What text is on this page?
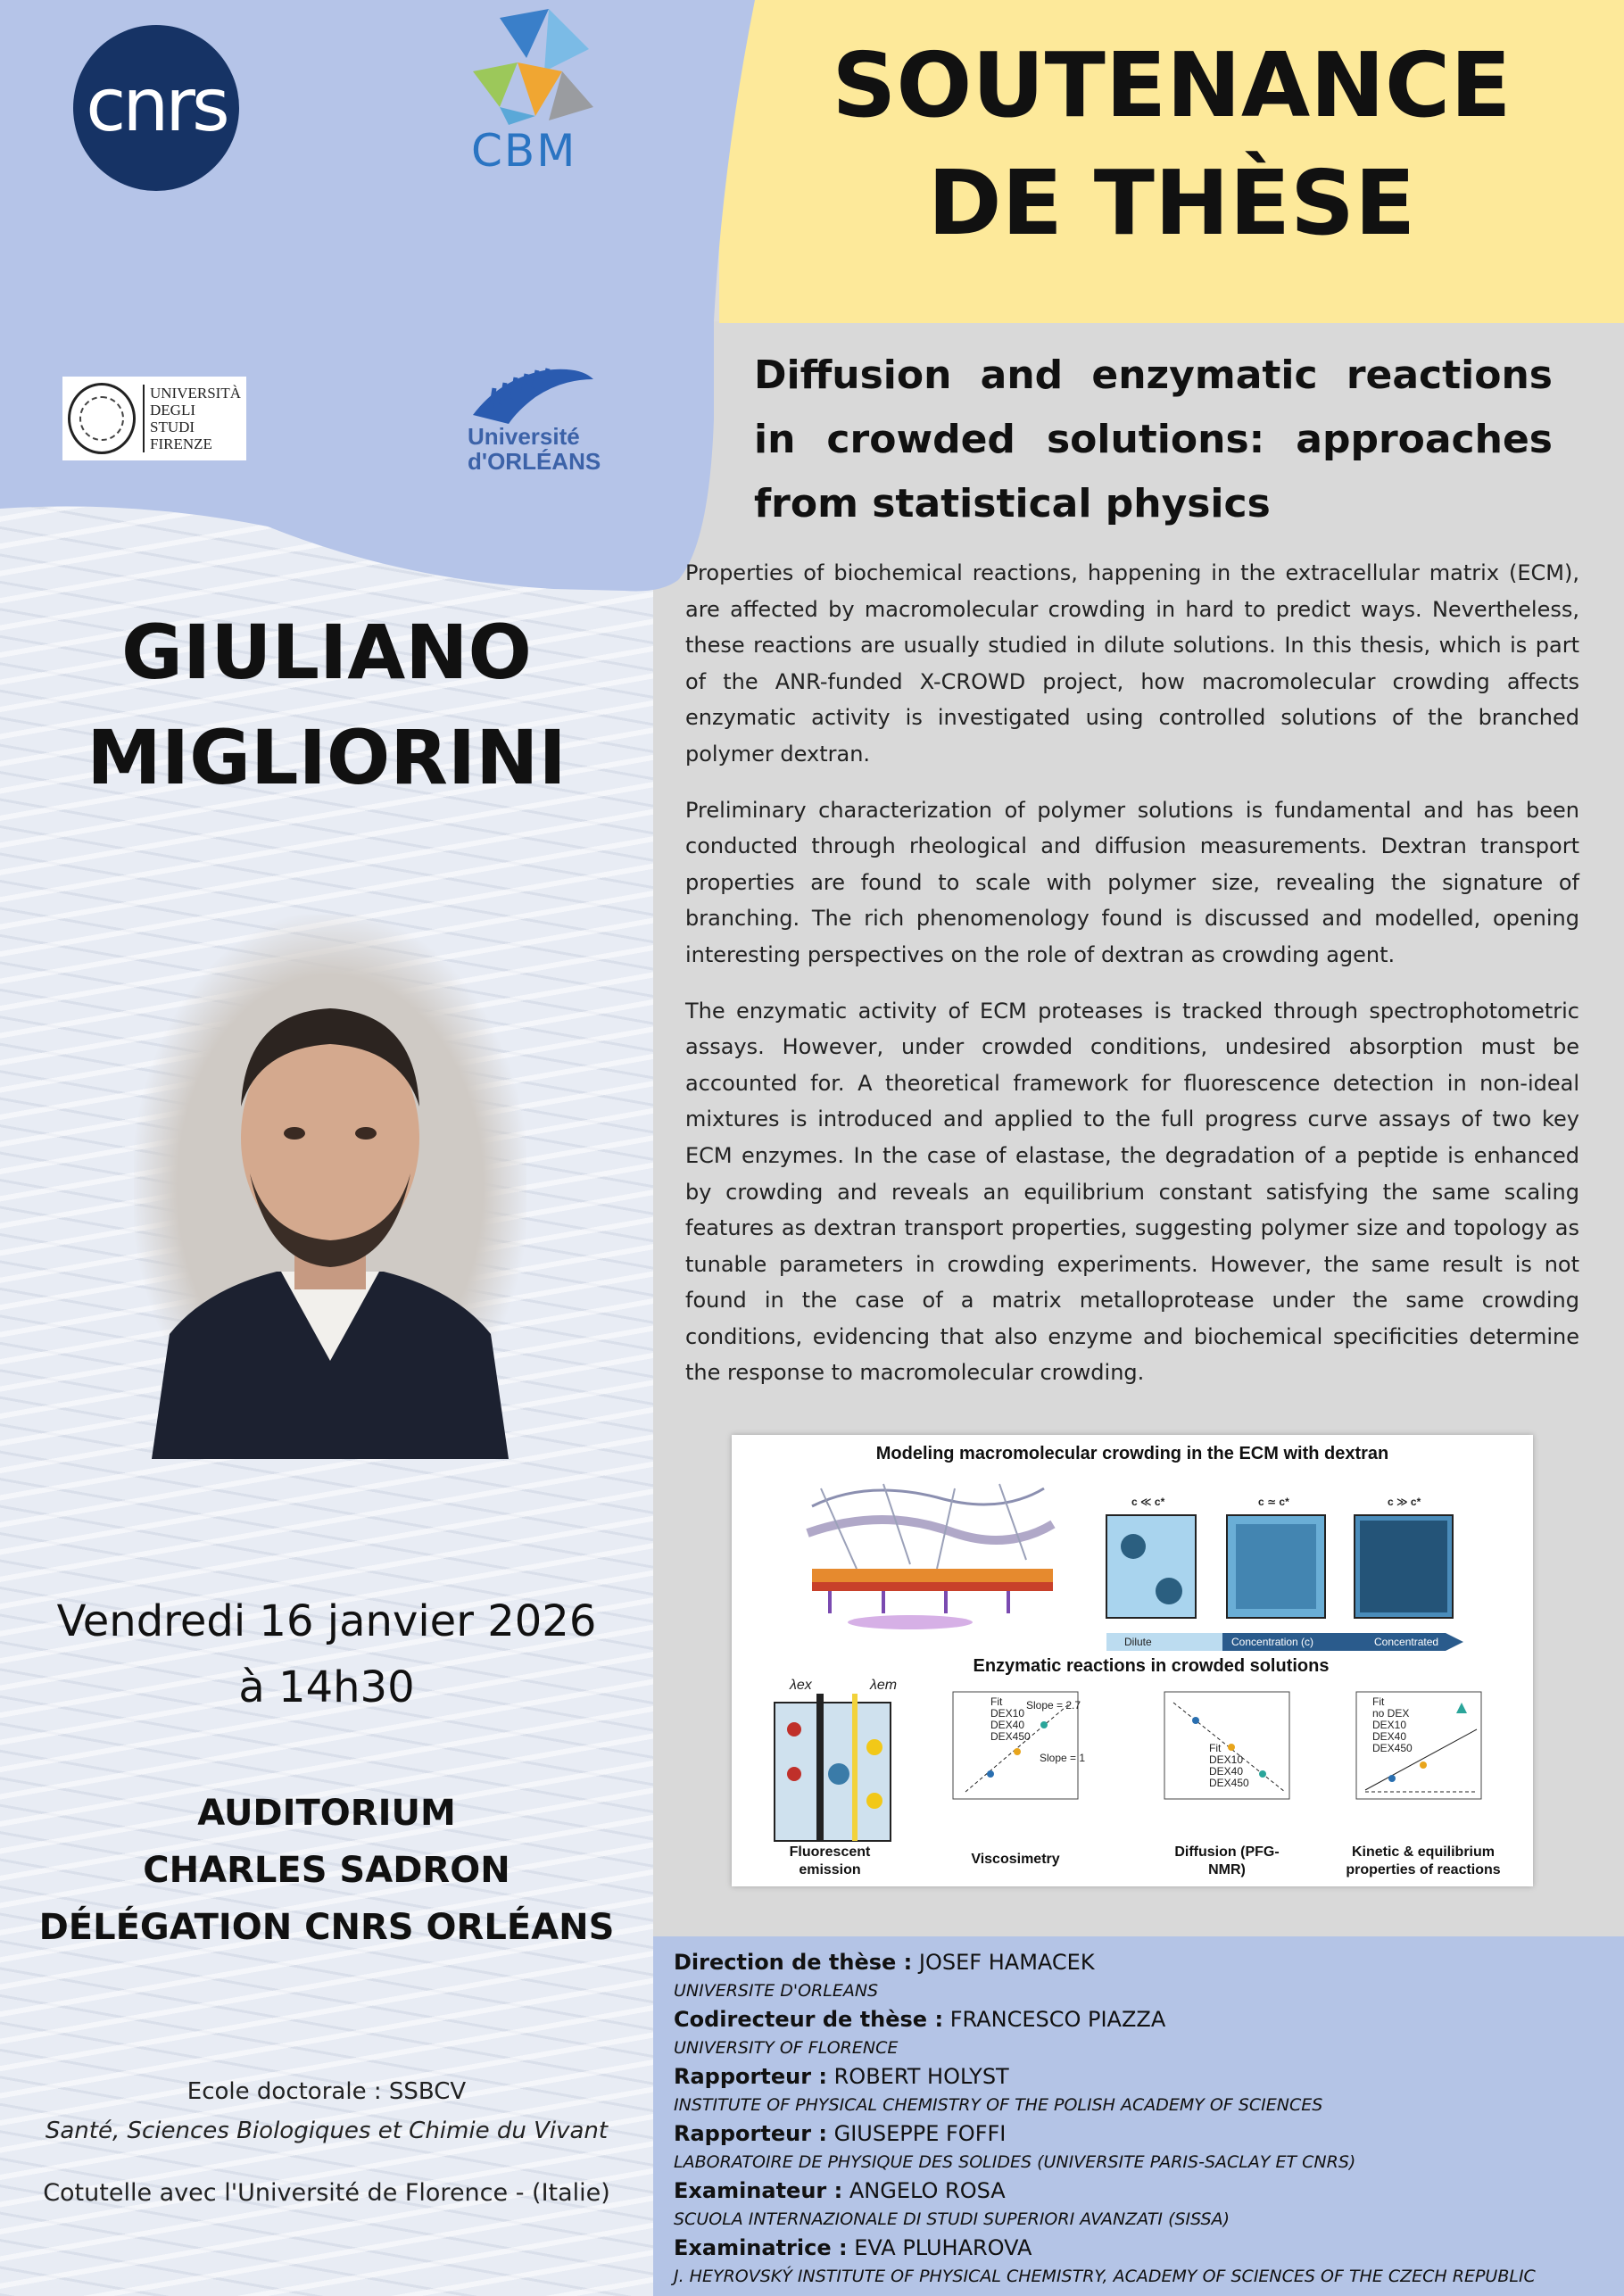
cnrs
CBM
UNIVERSITÀ
DEGLI STUDI
FIRENZE	Université
d'ORLÉANS
SOUTENANCE
DE THÈSE
Diffusion and enzymatic reactions in crowded solutions: approaches from statistical physics

Properties of biochemical reactions, happening in the extracellular matrix (ECM), are affected by macromolecular crowding in hard to predict ways. Nevertheless, these reactions are usually studied in dilute solutions. In this thesis, which is part of the ANR-funded X-CROWD project, how macromolecular crowding affects enzymatic activity is investigated using controlled solutions of the branched polymer dextran.

Preliminary characterization of polymer solutions is fundamental and has been conducted through rheological and diffusion measurements. Dextran transport properties are found to scale with polymer size, revealing the signature of branching. The rich phenomenology found is discussed and modelled, opening interesting perspectives on the role of dextran as crowding agent.

The enzymatic activity of ECM proteases is tracked through spectrophotometric assays. However, under crowded conditions, undesired absorption must be accounted for. A theoretical framework for fluorescence detection in non-ideal mixtures is introduced and applied to the full progress curve assays of two key ECM enzymes. In the case of elastase, the degradation of a peptide is enhanced by crowding and reveals an equilibrium constant satisfying the same scaling features as dextran transport properties, suggesting polymer size and topology as tunable parameters in crowding experiments. However, the same result is not found in the case of a matrix metalloprotease under the same crowding conditions, evidencing that also enzyme and biochemical specificities determine the response to macromolecular crowding.

GIULIANO
MIGLIORINI
Vendredi 16 janvier 2026
à 14h30
AUDITORIUM
CHARLES SADRON
DÉLÉGATION CNRS ORLÉANS
Ecole doctorale : SSBCV
Santé, Sciences Biologiques et Chimie du Vivant
Cotutelle avec l'Université de Florence - (Italie)
Modeling macromolecular crowding in the ECM with dextran
c ≪ c*	c ≃ c*	c ≫ c*
Dilute	Concentration (c)	Concentrated
Enzymatic reactions in crowded solutions
λex	λem
Fit
DEX10
DEX40
DEX450
Slope = 2.7
Slope = 1
Fit
DEX10
DEX40
DEX450
Fit
no DEX
DEX10
DEX40
DEX450
Fluorescent emission
Viscosimetry	Diffusion (PFG-NMR)
Kinetic & equilibrium properties of reactions
Direction de thèse : JOSEF HAMACEK
UNIVERSITE D'ORLEANS
Codirecteur de thèse : FRANCESCO PIAZZA
UNIVERSITY OF FLORENCE
Rapporteur : ROBERT HOLYST
INSTITUTE OF PHYSICAL CHEMISTRY OF THE POLISH ACADEMY OF SCIENCES
Rapporteur : GIUSEPPE FOFFI
LABORATOIRE DE PHYSIQUE DES SOLIDES (UNIVERSITE PARIS-SACLAY ET CNRS)
Examinateur : ANGELO ROSA
SCUOLA INTERNAZIONALE DI STUDI SUPERIORI AVANZATI (SISSA)
Examinatrice : EVA PLUHAROVA
J. HEYROVSKÝ INSTITUTE OF PHYSICAL CHEMISTRY, ACADEMY OF SCIENCES OF THE CZECH REPUBLIC
